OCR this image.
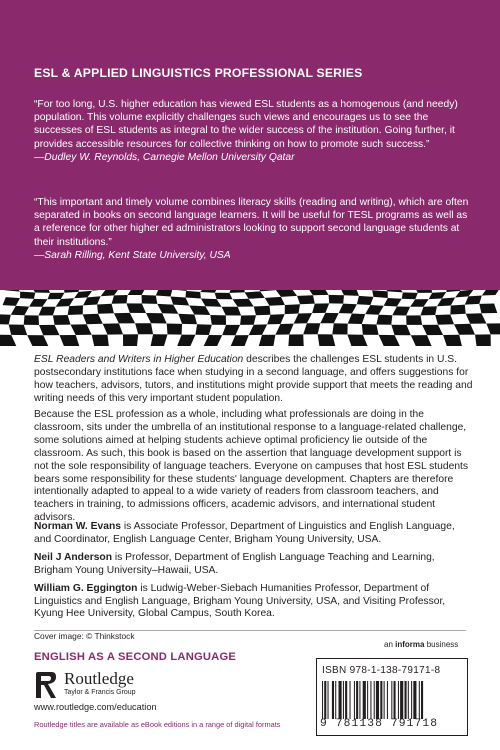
ESL & APPLIED LINGUISTICS PROFESSIONAL SERIES
“For too long, U.S. higher education has viewed ESL students as a homogenous (and needy) population. This volume explicitly challenges such views and encourages us to see the successes of ESL students as integral to the wider success of the institution. Going further, it provides accessible resources for collective thinking on how to promote such success.”
—Dudley W. Reynolds, Carnegie Mellon University Qatar
“This important and timely volume combines literacy skills (reading and writing), which are often separated in books on second language learners. It will be useful for TESL programs as well as a reference for other higher ed administrators looking to support second language students at their institutions.”
—Sarah Rilling, Kent State University, USA
ESL Readers and Writers in Higher Education describes the challenges ESL students in U.S. postsecondary institutions face when studying in a second language, and offers suggestions for how teachers, advisors, tutors, and institutions might provide support that meets the reading and writing needs of this very important student population.
Because the ESL profession as a whole, including what professionals are doing in the classroom, sits under the umbrella of an institutional response to a language-related challenge, some solutions aimed at helping students achieve optimal proficiency lie outside of the classroom. As such, this book is based on the assertion that language development support is not the sole responsibility of language teachers. Everyone on campuses that host ESL students bears some responsibility for these students' language development. Chapters are therefore intentionally adapted to appeal to a wide variety of readers from classroom teachers, and teachers in training, to admissions officers, academic advisors, and international student advisors.
Norman W. Evans is Associate Professor, Department of Linguistics and English Language, and Coordinator, English Language Center, Brigham Young University, USA.
Neil J Anderson is Professor, Department of English Language Teaching and Learning, Brigham Young University–Hawaii, USA.
William G. Eggington is Ludwig-Weber-Siebach Humanities Professor, Department of Linguistics and English Language, Brigham Young University, USA, and Visiting Professor, Kyung Hee University, Global Campus, South Korea.
Cover image: © Thinkstock
an informa business
ENGLISH AS A SECOND LANGUAGE
Routledge
Taylor & Francis Group
www.routledge.com/education
Routledge titles are available as eBook editions in a range of digital formats
ISBN 978-1-138-79171-8
9 781138 791718
